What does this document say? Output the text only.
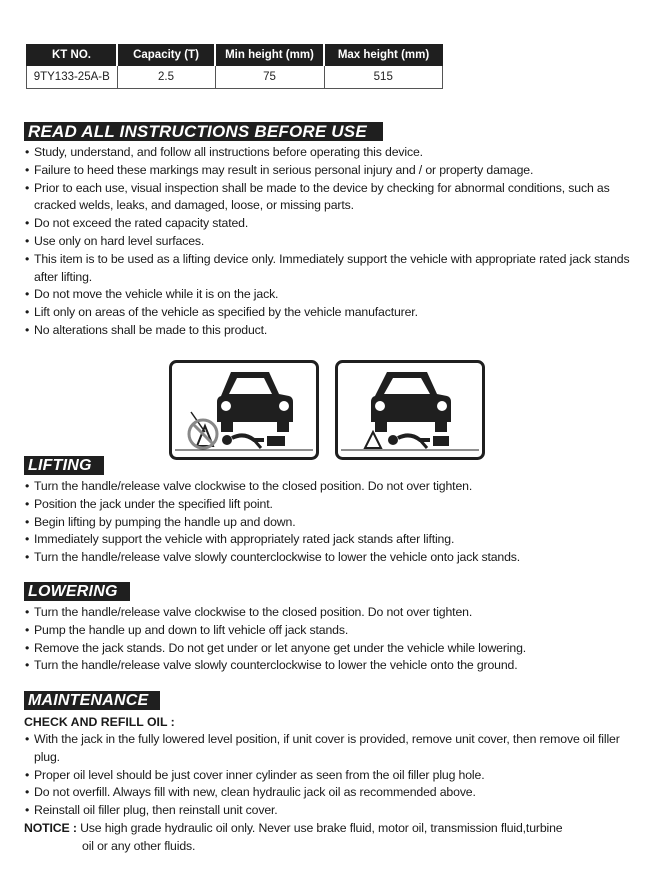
KT NO.	Capacity (T)	Min height (mm)	Max height (mm)
9TY133-25A-B	2.5	75	515
READ ALL INSTRUCTIONS BEFORE USE
• Study, understand, and follow all instructions before operating this device.
• Failure to heed these markings may result in serious personal injury and / or property damage.
• Prior to each use, visual inspection shall be made to the device by checking for abnormal conditions, such as cracked welds, leaks, and damaged, loose, or missing parts.
• Do not exceed the rated capacity stated.
• Use only on hard level surfaces.
• This item is to be used as a lifting device only. Immediately support the vehicle with appropriate rated jack stands after lifting.
• Do not move the vehicle while it is on the jack.
• Lift only on areas of the vehicle as specified by the vehicle manufacturer.
• No alterations shall be made to this product.
LIFTING
• Turn the handle/release valve clockwise to the closed position. Do not over tighten.
• Position the jack under the specified lift point.
• Begin lifting by pumping the handle up and down.
• Immediately support the vehicle with appropriately rated jack stands after lifting.
• Turn the handle/release valve slowly counterclockwise to lower the vehicle onto jack stands.
LOWERING
• Turn the handle/release valve clockwise to the closed position. Do not over tighten.
• Pump the handle up and down to lift vehicle off jack stands.
• Remove the jack stands. Do not get under or let anyone get under the vehicle while lowering.
• Turn the handle/release valve slowly counterclockwise to lower the vehicle onto the ground.
MAINTENANCE
CHECK AND REFILL OIL :
• With the jack in the fully lowered level position, if unit cover is provided, remove unit cover, then remove oil filler plug.
• Proper oil level should be just cover inner cylinder as seen from the oil filler plug hole.
• Do not overfill. Always fill with new, clean hydraulic jack oil as recommended above.
• Reinstall oil filler plug, then reinstall unit cover.
NOTICE : Use high grade hydraulic oil only. Never use brake fluid, motor oil, transmission fluid,turbine
oil or any other fluids.
